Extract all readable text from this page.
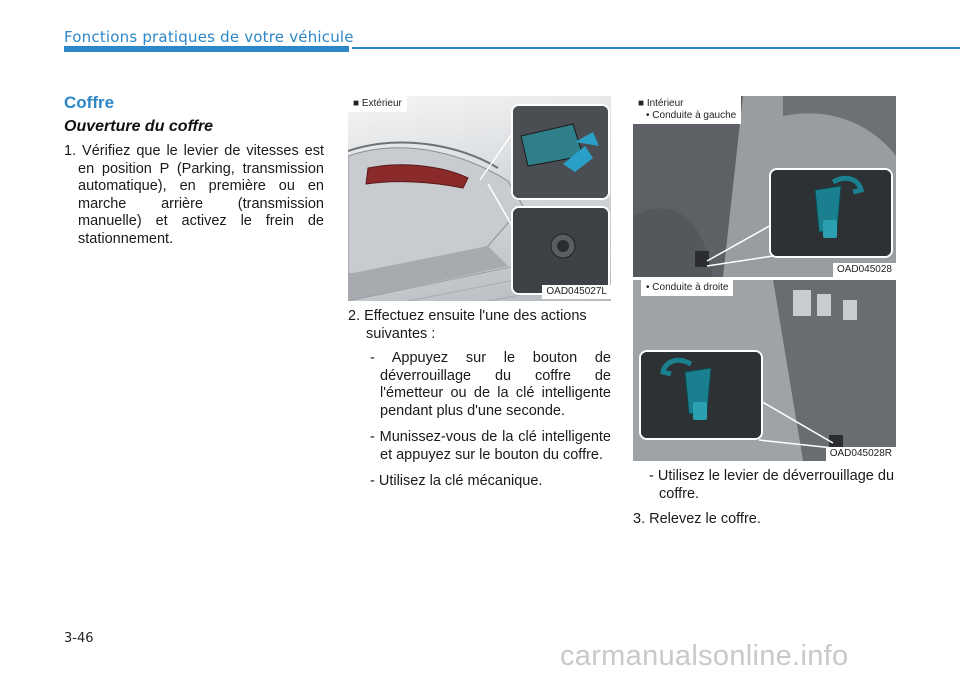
Fonctions pratiques de votre véhicule
Coffre
Ouverture du coffre
1. Vérifiez que le levier de vitesses est en position P (Parking, transmission automatique), en première ou en marche arrière (transmission manuelle) et activez le frein de stationnement.
■ Extérieur
OAD045027L
■ Intérieur
• Conduite à gauche
OAD045028
• Conduite à droite
OAD045028R
2. Effectuez ensuite l'une des actions suivantes :
- Appuyez sur le bouton de déverrouillage du coffre de l'émetteur ou de la clé intelligente pendant plus d'une seconde.
- Munissez-vous de la clé intelligente et appuyez sur le bouton du coffre.
- Utilisez la clé mécanique.	- Utilisez le levier de déverrouillage du coffre.
3. Relevez le coffre.
3-46
carmanualsonline.info
